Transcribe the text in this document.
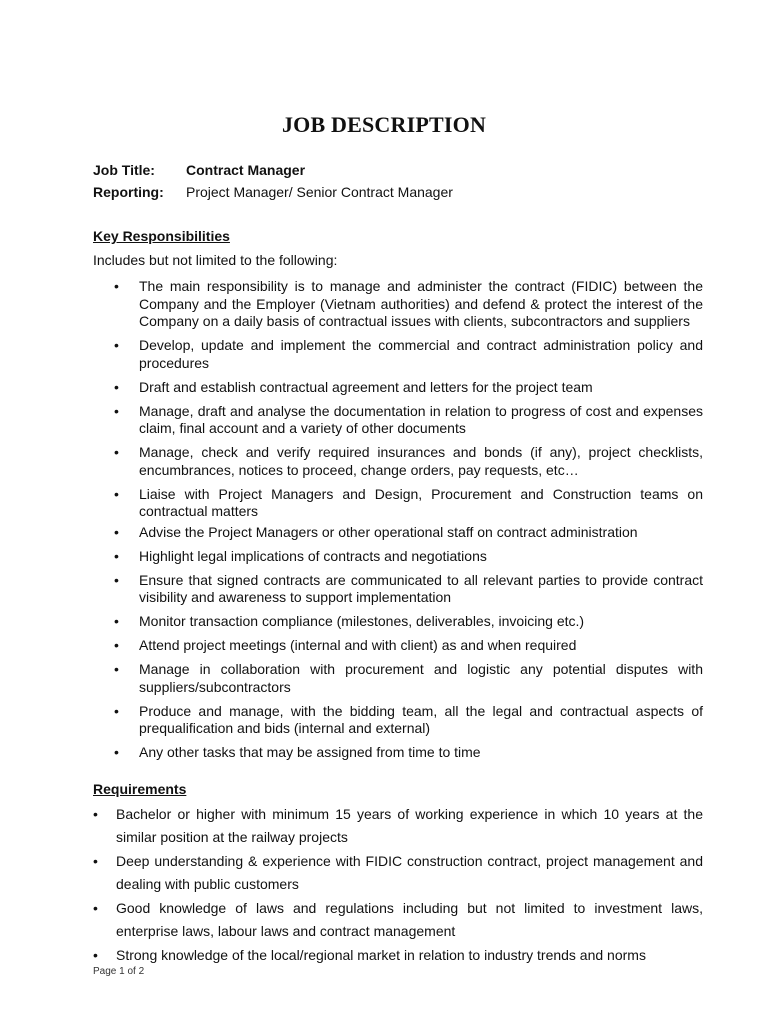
JOB DESCRIPTION
Job Title: Contract Manager
Reporting: Project Manager/ Senior Contract Manager
Key Responsibilities
Includes but not limited to the following:
• The main responsibility is to manage and administer the contract (FIDIC) between the Company and the Employer (Vietnam authorities) and defend & protect the interest of the Company on a daily basis of contractual issues with clients, subcontractors and suppliers
• Develop, update and implement the commercial and contract administration policy and procedures
• Draft and establish contractual agreement and letters for the project team
• Manage, draft and analyse the documentation in relation to progress of cost and expenses claim, final account and a variety of other documents
• Manage, check and verify required insurances and bonds (if any), project checklists, encumbrances, notices to proceed, change orders, pay requests, etc…
• Liaise with Project Managers and Design, Procurement and Construction teams on contractual matters
• Advise the Project Managers or other operational staff on contract administration
• Highlight legal implications of contracts and negotiations
• Ensure that signed contracts are communicated to all relevant parties to provide contract visibility and awareness to support implementation
• Monitor transaction compliance (milestones, deliverables, invoicing etc.)
• Attend project meetings (internal and with client) as and when required
• Manage in collaboration with procurement and logistic any potential disputes with suppliers/subcontractors
• Produce and manage, with the bidding team, all the legal and contractual aspects of prequalification and bids (internal and external)
• Any other tasks that may be assigned from time to time
Requirements
• Bachelor or higher with minimum 15 years of working experience in which 10 years at the similar position at the railway projects
• Deep understanding & experience with FIDIC construction contract, project management and dealing with public customers
• Good knowledge of laws and regulations including but not limited to investment laws, enterprise laws, labour laws and contract management
• Strong knowledge of the local/regional market in relation to industry trends and norms
Page 1 of 2
